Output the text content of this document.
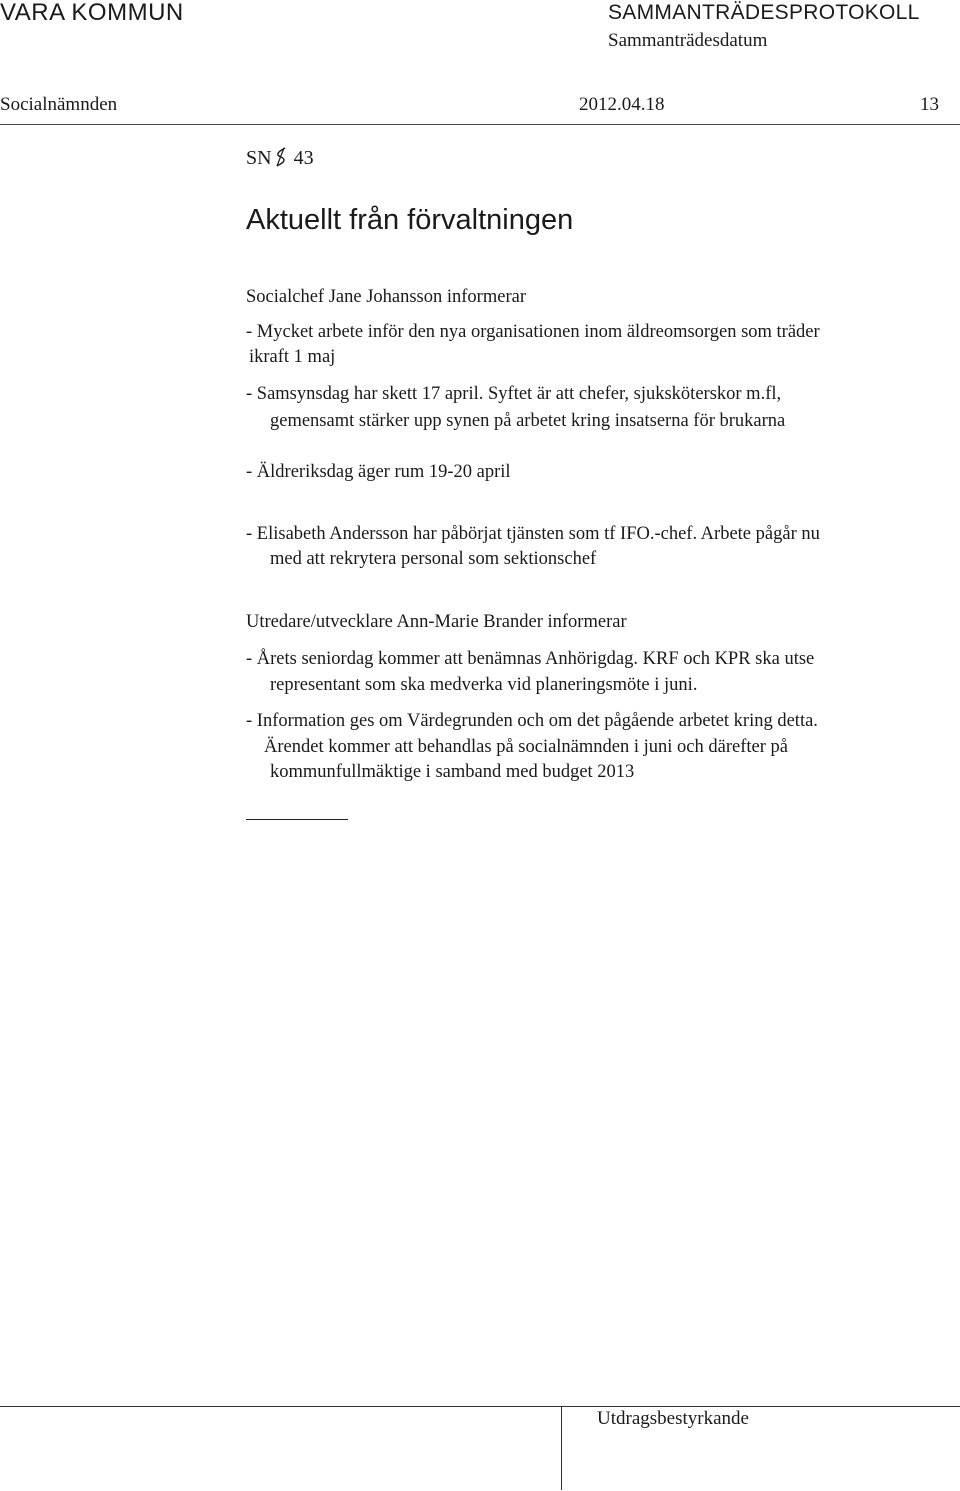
VARA KOMMUN	SAMMANTRÄDESPROTOKOLL
Sammanträdesdatum
Socialnämnden	2012.04.18	13
SN 43
Aktuellt från förvaltningen
Socialchef Jane Johansson informerar
- Mycket arbete inför den nya organisationen inom äldreomsorgen som träder
ikraft 1 maj
- Samsynsdag har skett 17 april. Syftet är att chefer, sjuksköterskor m.fl,
gemensamt stärker upp synen på arbetet kring insatserna för brukarna
- Äldreriksdag äger rum 19-20 april
- Elisabeth Andersson har påbörjat tjänsten som tf IFO.-chef. Arbete pågår nu
med att rekrytera personal som sektionschef
Utredare/utvecklare Ann-Marie Brander informerar
- Årets seniordag kommer att benämnas Anhörigdag. KRF och KPR ska utse
representant som ska medverka vid planeringsmöte i juni.
- Information ges om Värdegrunden och om det pågående arbetet kring detta.
Ärendet kommer att behandlas på socialnämnden i juni och därefter på
kommunfullmäktige i samband med budget 2013
Utdragsbestyrkande
